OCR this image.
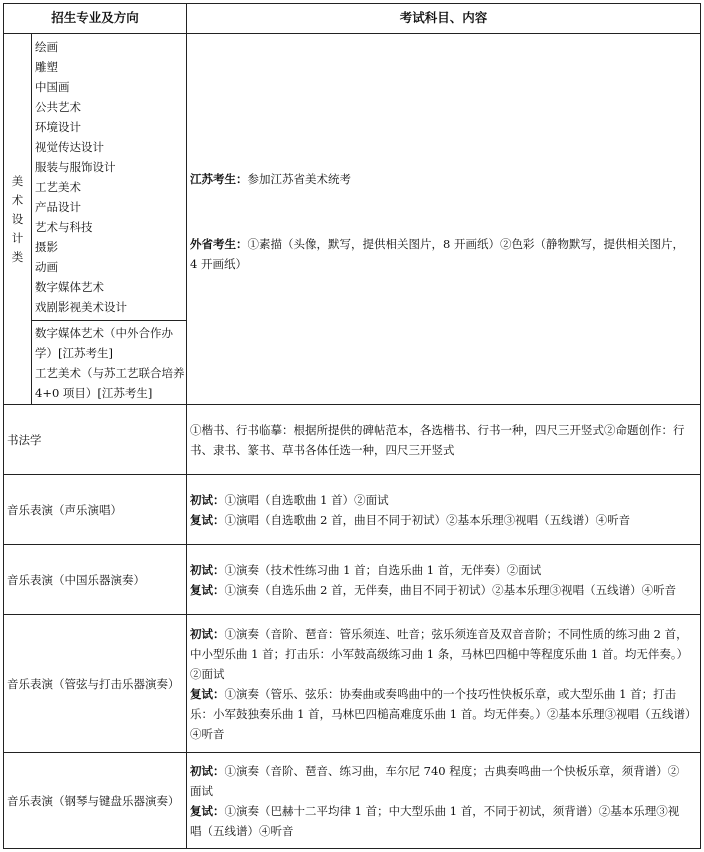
招生专业及方向	考试科目、内容
美
术
设
计
类
绘画
雕塑
中国画
公共艺术
环境设计
视觉传达设计
服装与服饰设计
工艺美术
产品设计
艺术与科技
摄影
动画
数字媒体艺术
戏剧影视美术设计
数字媒体艺术（中外合作办
学）[江苏考生]
工艺美术（与苏工艺联合培养
4+0 项目）[江苏考生]

江苏考生：参加江苏省美术统考

外省考生：①素描（头像，默写，提供相关图片，8 开画纸）②色彩（静物默写，提供相关图片，
4 开画纸）

书法学
①楷书、行书临摹：根据所提供的碑帖范本，各选楷书、行书一种，四尺三开竖式②命题创作：行
书、隶书、篆书、草书各体任选一种，四尺三开竖式
音乐表演（声乐演唱）
初试：①演唱（自选歌曲 1 首）②面试
复试：①演唱（自选歌曲 2 首，曲目不同于初试）②基本乐理③视唱（五线谱）④听音
音乐表演（中国乐器演奏）
初试：①演奏（技术性练习曲 1 首；自选乐曲 1 首，无伴奏）②面试
复试：①演奏（自选乐曲 2 首，无伴奏，曲目不同于初试）②基本乐理③视唱（五线谱）④听音
音乐表演（管弦与打击乐器演奏）
初试：①演奏（音阶、琶音：管乐须连、吐音；弦乐须连音及双音音阶；不同性质的练习曲 2 首，
中小型乐曲 1 首；打击乐：小军鼓高级练习曲 1 条，马林巴四槌中等程度乐曲 1 首。均无伴奏。）
②面试
复试：①演奏（管乐、弦乐：协奏曲或奏鸣曲中的一个技巧性快板乐章，或大型乐曲 1 首；打击
乐：小军鼓独奏乐曲 1 首，马林巴四槌高难度乐曲 1 首。均无伴奏。）②基本乐理③视唱（五线谱）
④听音
音乐表演（钢琴与键盘乐器演奏）
初试：①演奏（音阶、琶音、练习曲，车尔尼 740 程度；古典奏鸣曲一个快板乐章，须背谱）②
面试
复试：①演奏（巴赫十二平均律 1 首；中大型乐曲 1 首，不同于初试，须背谱）②基本乐理③视
唱（五线谱）④听音
